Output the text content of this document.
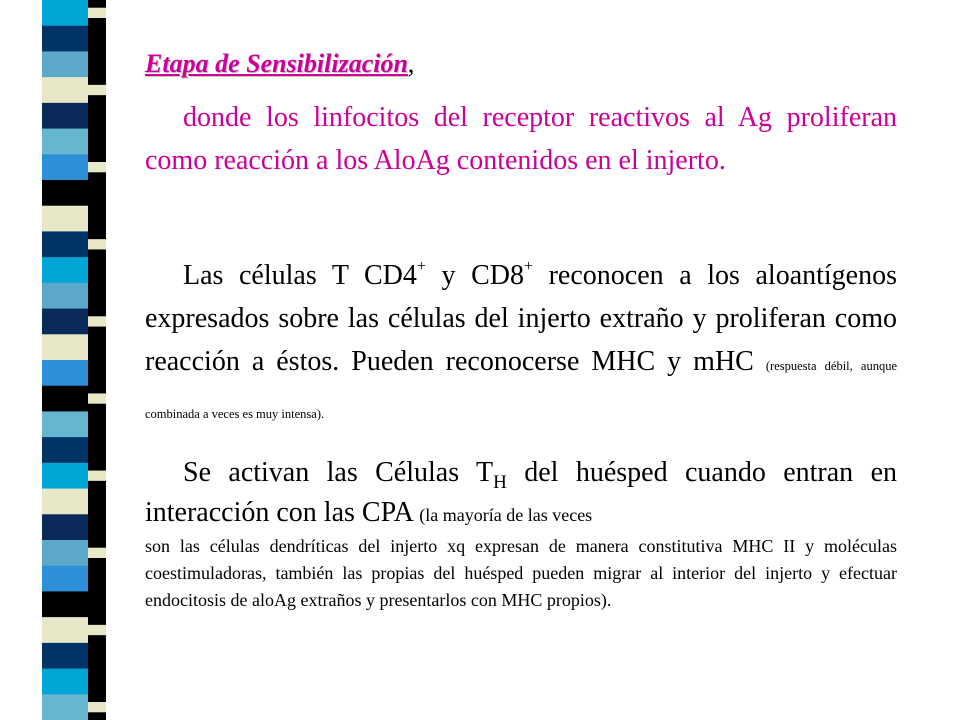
Etapa de Sensibilización,
donde los linfocitos del receptor reactivos al Ag proliferan como reacción a los AloAg contenidos en el injerto.
Las células T CD4+ y CD8+ reconocen a los aloantígenos expresados sobre las células del injerto extraño y proliferan como reacción a éstos. Pueden reconocerse MHC y mHC (respuesta débil, aunque combinada a veces es muy intensa).
Se activan las Células $T_H$ del huésped cuando entran en interacción con las CPA (la mayoría de las veces
son las células dendríticas del injerto xq expresan de manera constitutiva MHC II y moléculas coestimuladoras, también las propias del huésped pueden migrar al interior del injerto y efectuar endocitosis de aloAg extraños y presentarlos con MHC propios).
